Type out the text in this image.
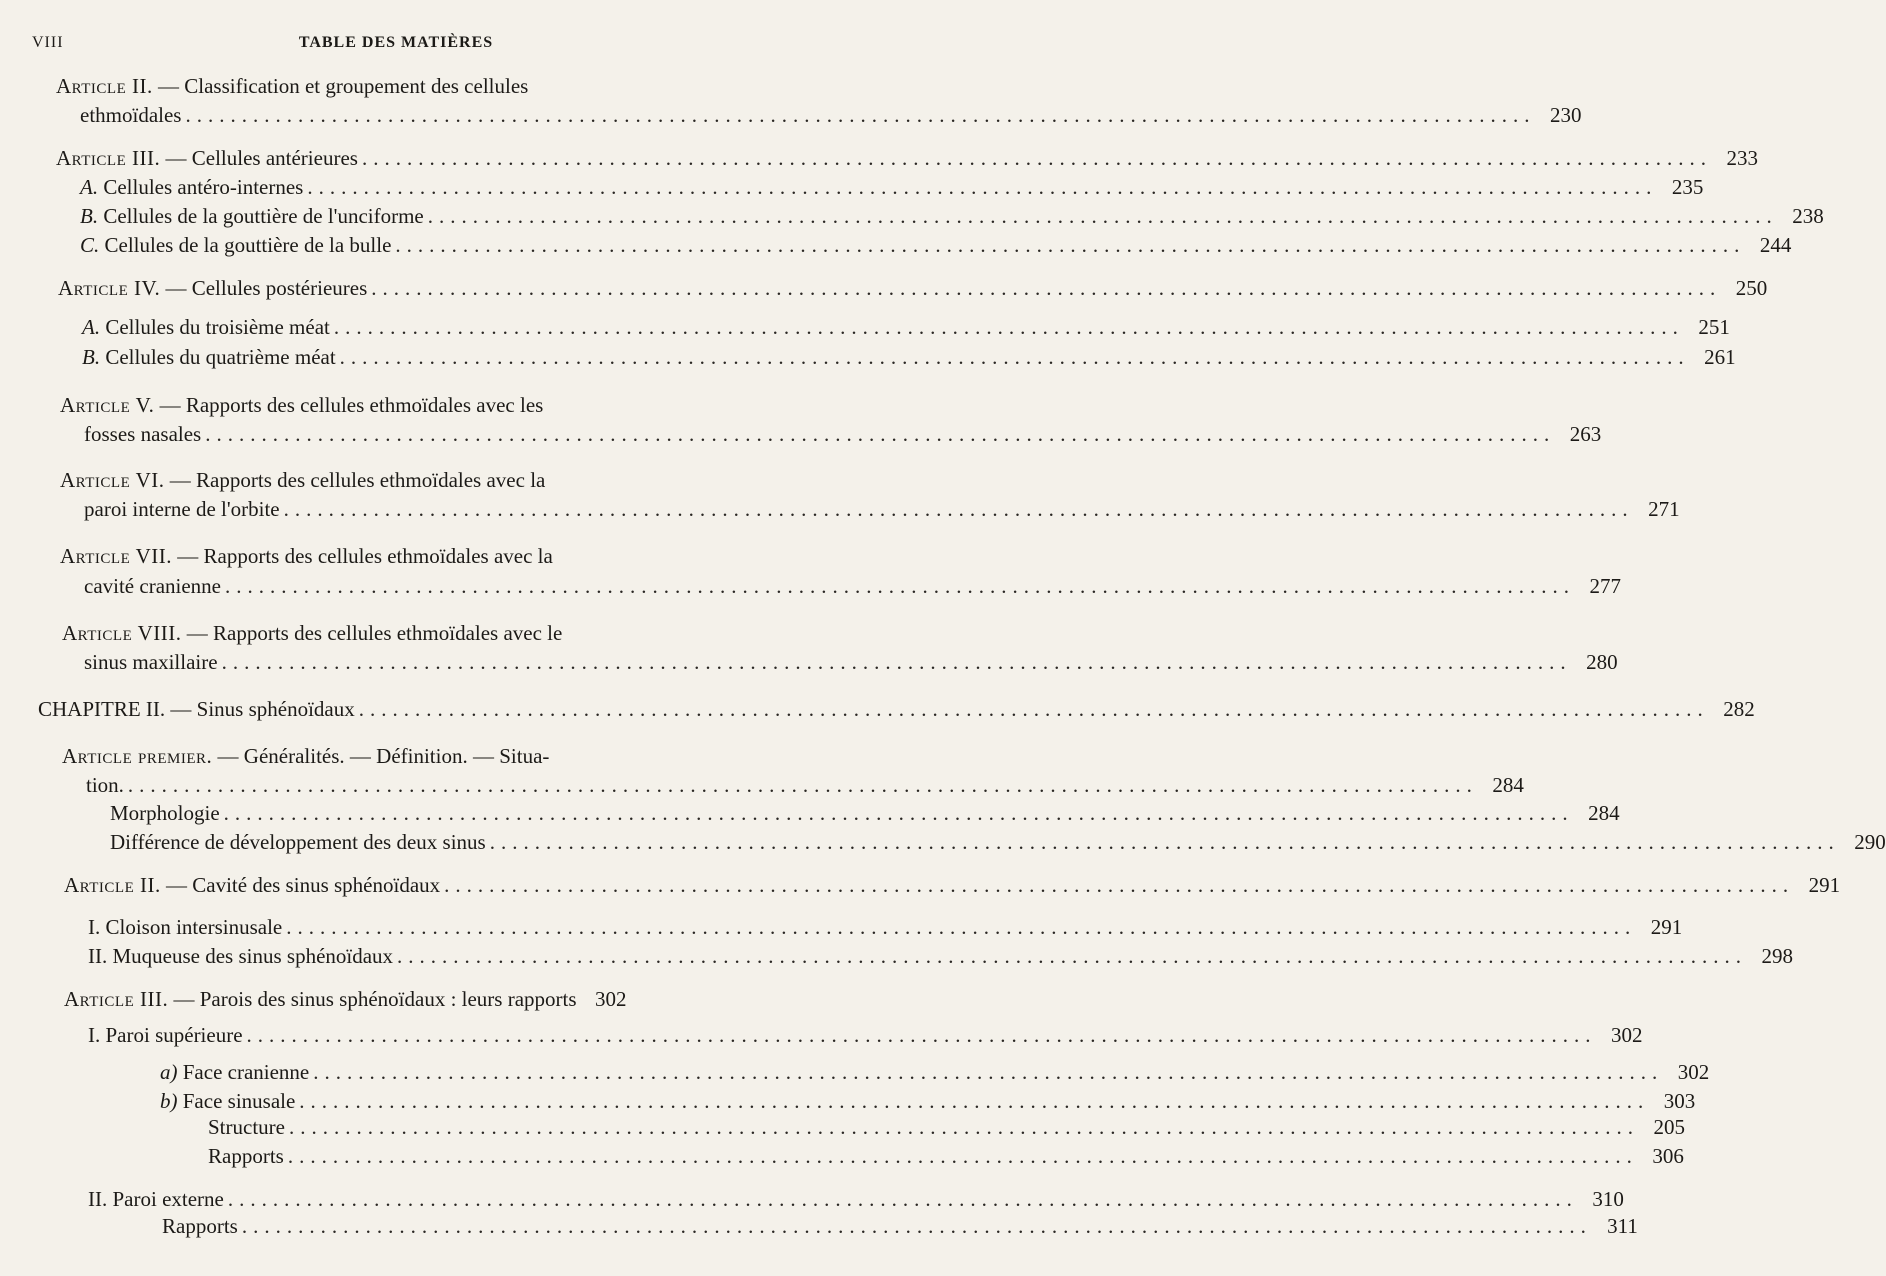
VIII	TABLE DES MATIÈRES
Article II. — Classification et groupement des cellules
ethmoïdales ........................................................................................................................ 230
Article III. — Cellules antérieures ........................................................................................................................ 233
A. Cellules antéro-internes ........................................................................................................................ 235
B. Cellules de la gouttière de l'unciforme ........................................................................................................................ 238
C. Cellules de la gouttière de la bulle ........................................................................................................................ 244
Article IV. — Cellules postérieures ........................................................................................................................ 250
A. Cellules du troisième méat ........................................................................................................................ 251
B. Cellules du quatrième méat ........................................................................................................................ 261
Article V. — Rapports des cellules ethmoïdales avec les
fosses nasales ........................................................................................................................ 263
Article VI. — Rapports des cellules ethmoïdales avec la
paroi interne de l'orbite ........................................................................................................................ 271
Article VII. — Rapports des cellules ethmoïdales avec la
cavité cranienne ........................................................................................................................ 277
Article VIII. — Rapports des cellules ethmoïdales avec le
sinus maxillaire ........................................................................................................................ 280
CHAPITRE II. — Sinus sphénoïdaux ........................................................................................................................ 282
Article premier. — Généralités. — Définition. — Situa-
tion. ........................................................................................................................ 284
Morphologie ........................................................................................................................ 284
Différence de développement des deux sinus ........................................................................................................................ 290
Article II. — Cavité des sinus sphénoïdaux ........................................................................................................................ 291
I. Cloison intersinusale ........................................................................................................................ 291
II. Muqueuse des sinus sphénoïdaux ........................................................................................................................ 298
Article III. — Parois des sinus sphénoïdaux : leurs rapports 302
I. Paroi supérieure ........................................................................................................................ 302
a) Face cranienne ........................................................................................................................ 302
b) Face sinusale ........................................................................................................................ 303
Structure ........................................................................................................................ 205
Rapports ........................................................................................................................ 306
II. Paroi externe ........................................................................................................................ 310
Rapports ........................................................................................................................ 311
